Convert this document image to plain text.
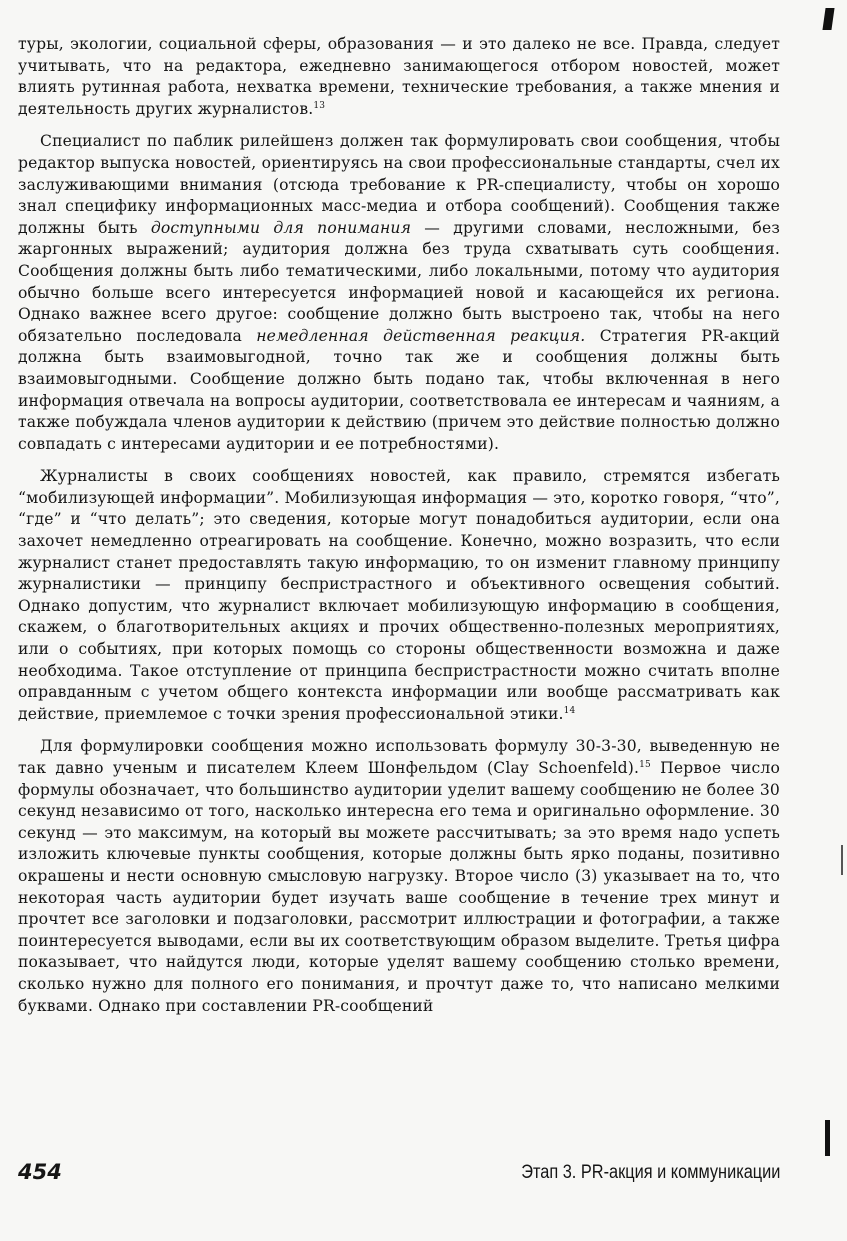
туры, экологии, социальной сферы, образования — и это далеко не все. Правда, следует учитывать, что на редактора, ежедневно занимающегося отбором новостей, может влиять рутинная работа, нехватка времени, технические требования, а также мнения и деятельность других журналистов.$^{13}$

Специалист по паблик рилейшенз должен так формулировать свои сообщения, чтобы редактор выпуска новостей, ориентируясь на свои профессиональные стандарты, счел их заслуживающими внимания (отсюда требование к PR-специалисту, чтобы он хорошо знал специфику информационных масс-медиа и отбора сообщений). Сообщения также должны быть доступными для понимания — другими словами, несложными, без жаргонных выражений; аудитория должна без труда схватывать суть сообщения. Сообщения должны быть либо тематическими, либо локальными, потому что аудитория обычно больше всего интересуется информацией новой и касающейся их региона. Однако важнее всего другое: сообщение должно быть выстроено так, чтобы на него обязательно последовала немедленная действенная реакция. Стратегия PR-акций должна быть взаимовыгодной, точно так же и сообщения должны быть взаимовыгодными. Сообщение должно быть подано так, чтобы включенная в него информация отвечала на вопросы аудитории, соответствовала ее интересам и чаяниям, а также побуждала членов аудитории к действию (причем это действие полностью должно совпадать с интересами аудитории и ее потребностями).

Журналисты в своих сообщениях новостей, как правило, стремятся избегать “мобилизующей информации”. Мобилизующая информация — это, коротко говоря, “что”, “где” и “что делать”; это сведения, которые могут понадобиться аудитории, если она захочет немедленно отреагировать на сообщение. Конечно, можно возразить, что если журналист станет предоставлять такую информацию, то он изменит главному принципу журналистики — принципу беспристрастного и объективного освещения событий. Однако допустим, что журналист включает мобилизующую информацию в сообщения, скажем, о благотворительных акциях и прочих общественно-полезных мероприятиях, или о событиях, при которых помощь со стороны общественности возможна и даже необходима. Такое отступление от принципа беспристрастности можно считать вполне оправданным с учетом общего контекста информации или вообще рассматривать как действие, приемлемое с точки зрения профессиональной этики.$^{14}$

Для формулировки сообщения можно использовать формулу 30-3-30, выведенную не так давно ученым и писателем Клеем Шонфельдом (Clay Schoenfeld).$^{15}$ Первое число формулы обозначает, что большинство аудитории уделит вашему сообщению не более 30 секунд независимо от того, насколько интересна его тема и оригинально оформление. 30 секунд — это максимум, на который вы можете рассчитывать; за это время надо успеть изложить ключевые пункты сообщения, которые должны быть ярко поданы, позитивно окрашены и нести основную смысловую нагрузку. Второе число (3) указывает на то, что некоторая часть аудитории будет изучать ваше сообщение в течение трех минут и прочтет все заголовки и подзаголовки, рассмотрит иллюстрации и фотографии, а также поинтересуется выводами, если вы их соответствующим образом выделите. Третья цифра показывает, что найдутся люди, которые уделят вашему сообщению столько времени, сколько нужно для полного его понимания, и прочтут даже то, что написано мелкими буквами. Однако при составлении PR-сообщений

454	Этап 3. PR-акция и коммуникации
